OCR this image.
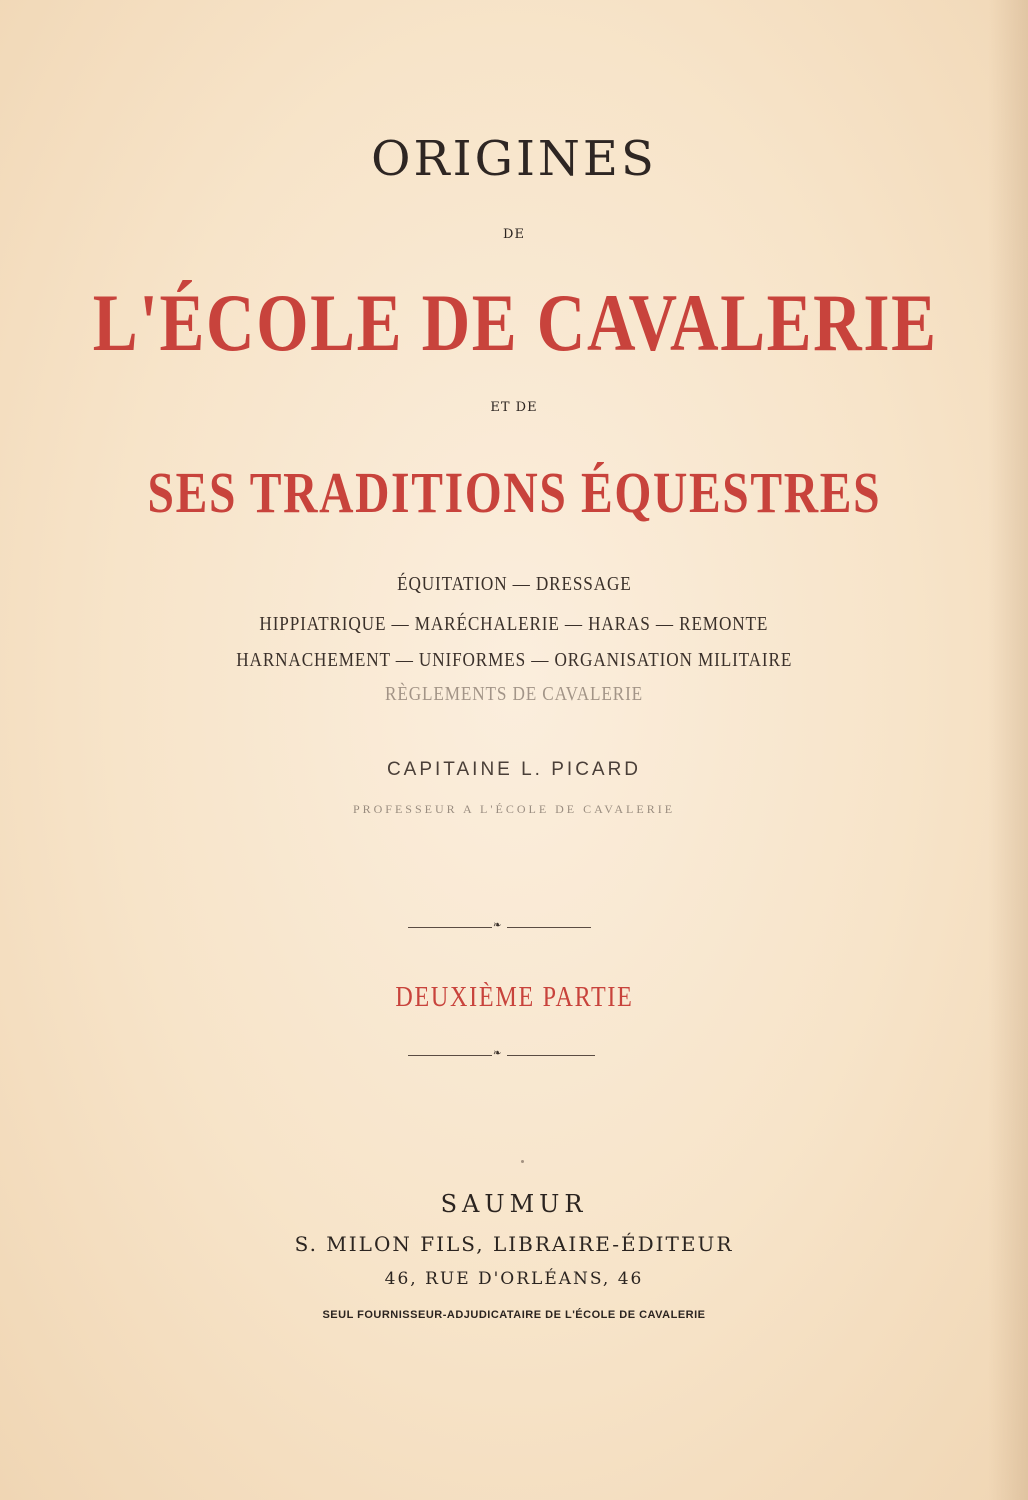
ORIGINES
DE
L'ÉCOLE DE CAVALERIE
ET DE
SES TRADITIONS ÉQUESTRES
ÉQUITATION — DRESSAGE
HIPPIATRIQUE — MARÉCHALERIE — HARAS — REMONTE
HARNACHEMENT — UNIFORMES — ORGANISATION MILITAIRE
RÈGLEMENTS DE CAVALERIE
CAPITAINE L. PICARD
PROFESSEUR A L'ÉCOLE DE CAVALERIE
❧
DEUXIÈME PARTIE
❧
SAUMUR
S. MILON FILS, LIBRAIRE-ÉDITEUR
46, RUE D'ORLÉANS, 46
SEUL FOURNISSEUR-ADJUDICATAIRE DE L'ÉCOLE DE CAVALERIE
